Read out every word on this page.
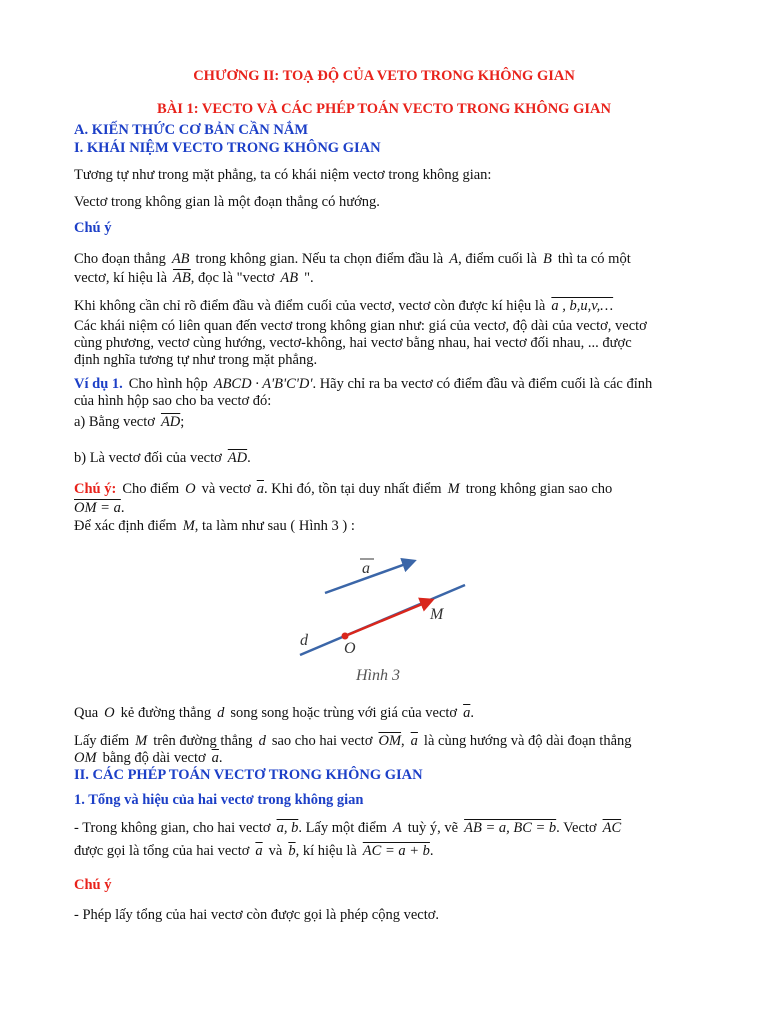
CHƯƠNG II: TOẠ ĐỘ CỦA VETO TRONG KHÔNG GIAN
BÀI 1: VECTO VÀ CÁC PHÉP TOÁN VECTO TRONG KHÔNG GIAN
A. KIẾN THỨC CƠ BẢN CẦN NẮM
I. KHÁI NIỆM VECTO TRONG KHÔNG GIAN
Tương tự như trong mặt phẳng, ta có khái niệm vectơ trong không gian:
Vectơ trong không gian là một đoạn thẳng có hướng.
Chú ý
Cho đoạn thẳng AB trong không gian. Nếu ta chọn điểm đầu là A, điểm cuối là B thì ta có một
vectơ, kí hiệu là $\overline{AB}$, đọc là "vectơ AB ".
Khi không cần chỉ rõ điểm đầu và điểm cuối của vectơ, vectơ còn được kí hiệu là a , b,u,v,…
Các khái niệm có liên quan đến vectơ trong không gian như: giá của vectơ, độ dài của vectơ, vectơ
cùng phương, vectơ cùng hướng, vectơ-không, hai vectơ bằng nhau, hai vectơ đối nhau, ... được
định nghĩa tương tự như trong mặt phẳng.
Ví dụ 1. Cho hình hộp ABCD · A'B'C'D'. Hãy chỉ ra ba vectơ có điểm đầu và điểm cuối là các đỉnh
của hình hộp sao cho ba vectơ đó:
a) Bằng vectơ $\overline{AD}$;
b) Là vectơ đối của vectơ $\overline{AD}$.
Chú ý: Cho điểm O và vectơ $\overline{a}$. Khi đó, tồn tại duy nhất điểm M trong không gian sao cho
OM = a.
Để xác định điểm M, ta làm như sau ( Hình 3 ) :
a
M
d O
Hình 3
Qua O kẻ đường thẳng d song song hoặc trùng với giá của vectơ $\overline{a}$.
Lấy điểm M trên đường thẳng d sao cho hai vectơ $\overline{OM}$, $\overline{a}$ là cùng hướng và độ dài đoạn thẳng
OM bằng độ dài vectơ $\overline{a}$.
II. CÁC PHÉP TOÁN VECTƠ TRONG KHÔNG GIAN
1. Tổng và hiệu của hai vectơ trong không gian
- Trong không gian, cho hai vectơ a, b. Lấy một điểm A tuỳ ý, vẽ AB = a, BC = b. Vectơ $\overline{AC}$
được gọi là tổng của hai vectơ $\overline{a}$ và $\overline{b}$, kí hiệu là AC = a + b.
Chú ý
- Phép lấy tổng của hai vectơ còn được gọi là phép cộng vectơ.
